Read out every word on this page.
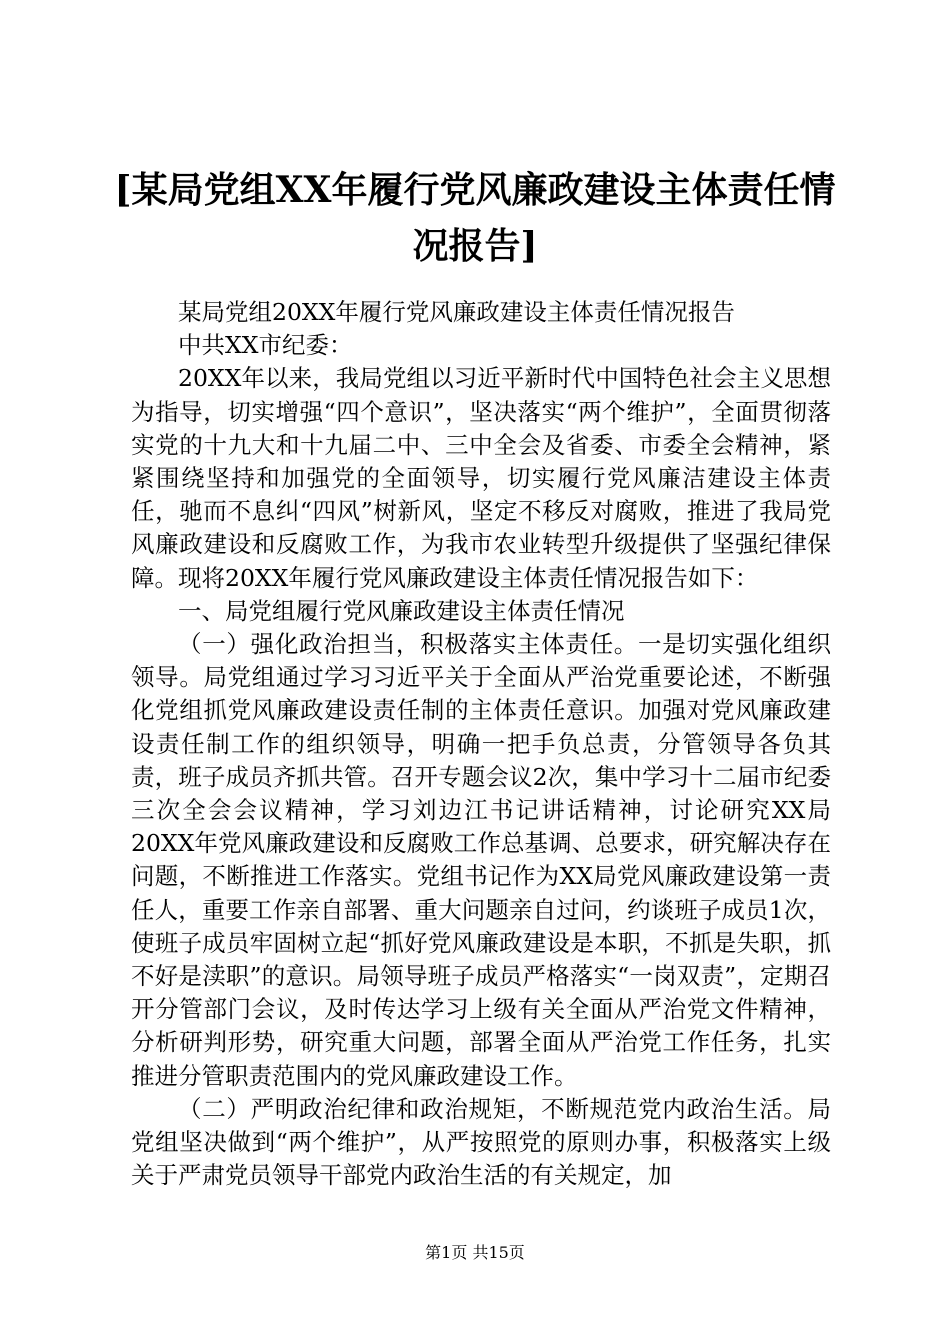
[某局党组XX年履行党风廉政建设主体责任情况报告]

某局党组20XX年履行党风廉政建设主体责任情况报告

中共XX市纪委：

20XX年以来，我局党组以习近平新时代中国特色社会主义思想为指导，切实增强“四个意识”，坚决落实“两个维护”，全面贯彻落实党的十九大和十九届二中、三中全会及省委、市委全会精神，紧紧围绕坚持和加强党的全面领导，切实履行党风廉洁建设主体责任，驰而不息纠“四风”树新风，坚定不移反对腐败，推进了我局党风廉政建设和反腐败工作，为我市农业转型升级提供了坚强纪律保障。现将20XX年履行党风廉政建设主体责任情况报告如下：

一、局党组履行党风廉政建设主体责任情况

（一）强化政治担当，积极落实主体责任。一是切实强化组织领导。局党组通过学习习近平关于全面从严治党重要论述，不断强化党组抓党风廉政建设责任制的主体责任意识。加强对党风廉政建设责任制工作的组织领导，明确一把手负总责，分管领导各负其责，班子成员齐抓共管。召开专题会议2次，集中学习十二届市纪委三次全会会议精神，学习刘边江书记讲话精神，讨论研究XX局20XX年党风廉政建设和反腐败工作总基调、总要求，研究解决存在问题，不断推进工作落实。党组书记作为XX局党风廉政建设第一责任人，重要工作亲自部署、重大问题亲自过问，约谈班子成员1次，使班子成员牢固树立起“抓好党风廉政建设是本职，不抓是失职，抓不好是渎职”的意识。局领导班子成员严格落实“一岗双责”，定期召开分管部门会议，及时传达学习上级有关全面从严治党文件精神，分析研判形势，研究重大问题，部署全面从严治党工作任务，扎实推进分管职责范围内的党风廉政建设工作。

（二）严明政治纪律和政治规矩，不断规范党内政治生活。局党组坚决做到“两个维护”，从严按照党的原则办事，积极落实上级关于严肃党员领导干部党内政治生活的有关规定，加

第1页 共15页
